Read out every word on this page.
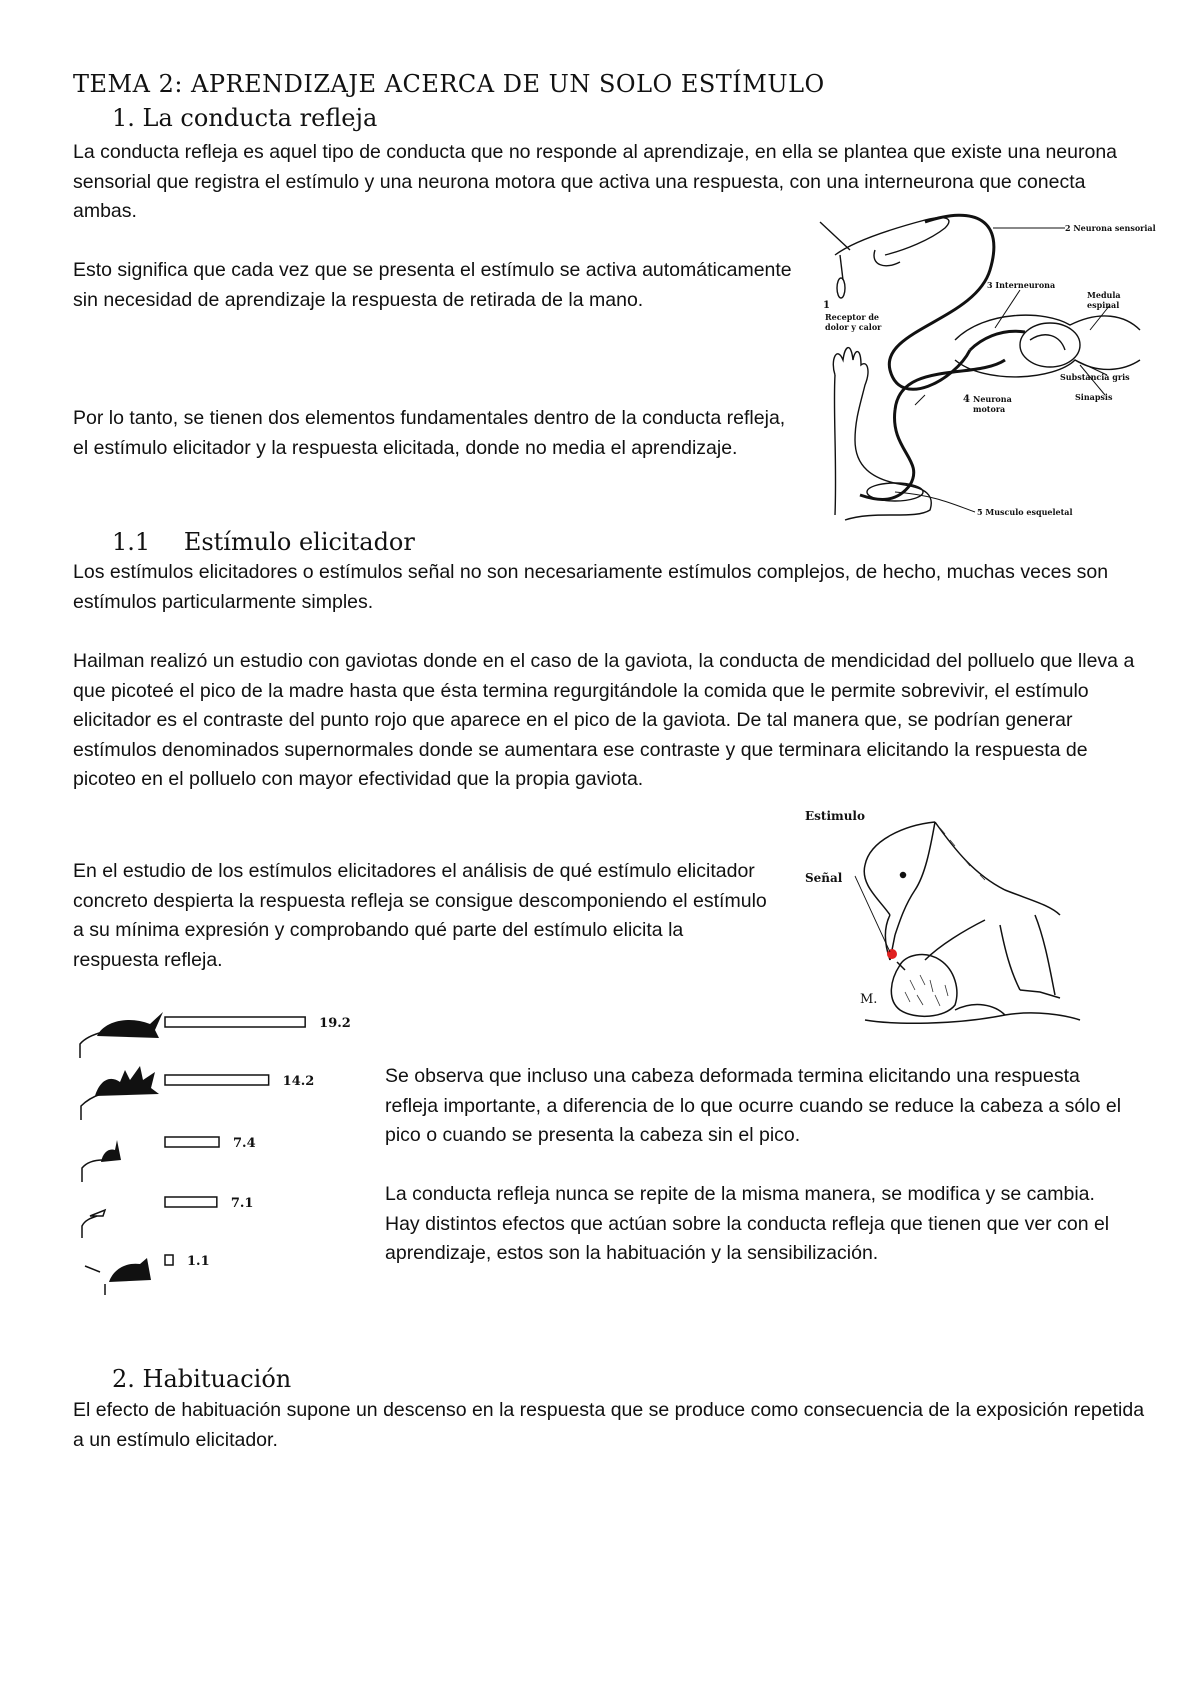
TEMA 2: APRENDIZAJE ACERCA DE UN SOLO ESTÍMULO
1. La conducta refleja

La conducta refleja es aquel tipo de conducta que no responde al aprendizaje, en ella se plantea que existe una neurona sensorial que registra el estímulo y una neurona motora que activa una respuesta, con una interneurona que conecta ambas.

Esto significa que cada vez que se presenta el estímulo se activa automáticamente sin necesidad de aprendizaje la respuesta de retirada de la mano.

Por lo tanto, se tienen dos elementos fundamentales dentro de la conducta refleja, el estímulo elicitador y la respuesta elicitada, donde no media el aprendizaje.

2 Neurona sensorial
3 Interneurona
Medula
espinal
1
Receptor de
dolor y calor
Substancia gris
Sinapsis
4 Neurona
motora
5 Musculo esqueletal
1.1 Estímulo elicitador

Los estímulos elicitadores o estímulos señal no son necesariamente estímulos complejos, de hecho, muchas veces son estímulos particularmente simples.

Hailman realizó un estudio con gaviotas donde en el caso de la gaviota, la conducta de mendicidad del polluelo que lleva a que picoteé el pico de la madre hasta que ésta termina regurgitándole la comida que le permite sobrevivir, el estímulo elicitador es el contraste del punto rojo que aparece en el pico de la gaviota. De tal manera que, se podrían generar estímulos denominados supernormales donde se aumentara ese contraste y que terminara elicitando la respuesta de picoteo en el polluelo con mayor efectividad que la propia gaviota.

En el estudio de los estímulos elicitadores el análisis de qué estímulo elicitador concreto despierta la respuesta refleja se consigue descomponiendo el estímulo a su mínima expresión y comprobando qué parte del estímulo elicita la respuesta refleja.

Estimulo
Señal
M.
19.2
14.2
7.4
7.1
1.1

Se observa que incluso una cabeza deformada termina elicitando una respuesta refleja importante, a diferencia de lo que ocurre cuando se reduce la cabeza a sólo el pico o cuando se presenta la cabeza sin el pico.

La conducta refleja nunca se repite de la misma manera, se modifica y se cambia. Hay distintos efectos que actúan sobre la conducta refleja que tienen que ver con el aprendizaje, estos son la habituación y la sensibilización.

2. Habituación

El efecto de habituación supone un descenso en la respuesta que se produce como consecuencia de la exposición repetida a un estímulo elicitador.
